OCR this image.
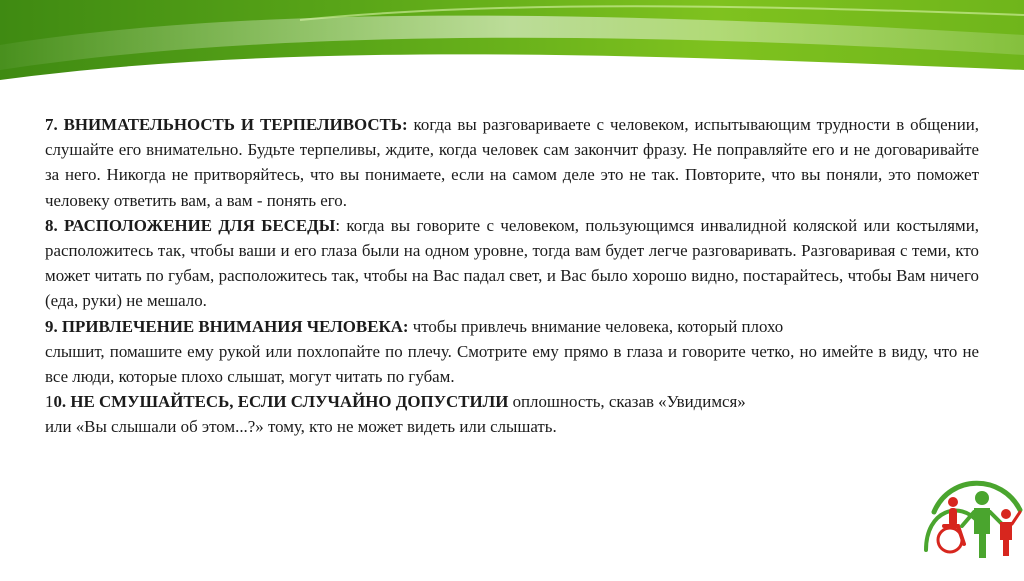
7. ВНИМАТЕЛЬНОСТЬ И ТЕРПЕЛИВОСТЬ: когда вы разговариваете с человеком, испытывающим трудности в общении, слушайте его внимательно. Будьте терпеливы, ждите, когда человек сам закончит фразу. Не поправляйте его и не договаривайте за него. Никогда не притворяйтесь, что вы понимаете, если на самом деле это не так. Повторите, что вы поняли, это поможет человеку ответить вам, а вам - понять его.

8. РАСПОЛОЖЕНИЕ ДЛЯ БЕСЕДЫ: когда вы говорите с человеком, пользующимся инвалидной коляской или костылями, расположитесь так, чтобы ваши и его глаза были на одном уровне, тогда вам будет легче разговаривать. Разговаривая с теми, кто может читать по губам, расположитесь так, чтобы на Вас падал свет, и Вас было хорошо видно, постарайтесь, чтобы Вам ничего (еда, руки) не мешало.

9. ПРИВЛЕЧЕНИЕ ВНИМАНИЯ ЧЕЛОВЕКА: чтобы привлечь внимание человека, который плохо

слышит, помашите ему рукой или похлопайте по плечу. Смотрите ему прямо в глаза и говорите четко, но имейте в виду, что не все люди, которые плохо слышат, могут читать по губам.

10. НЕ СМУШАЙТЕСЬ, ЕСЛИ СЛУЧАЙНО ДОПУСТИЛИ оплошность, сказав «Увидимся»
или «Вы слышали об этом...?» тому, кто не может видеть или слышать.
